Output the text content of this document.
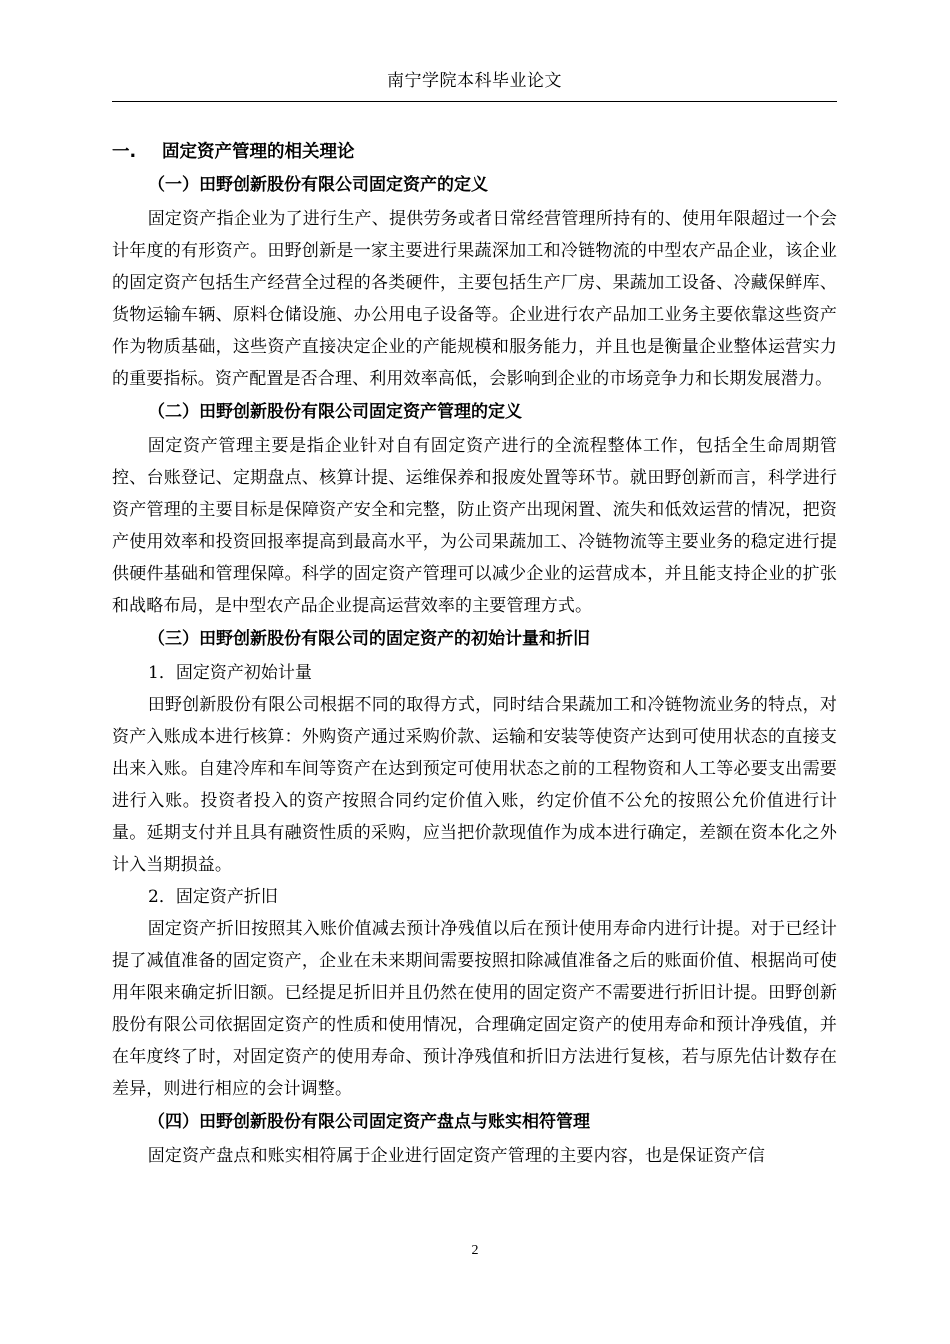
南宁学院本科毕业论文
一. 固定资产管理的相关理论
（一）田野创新股份有限公司固定资产的定义

固定资产指企业为了进行生产、提供劳务或者日常经营管理所持有的、使用年限超过一个会计年度的有形资产。田野创新是一家主要进行果蔬深加工和冷链物流的中型农产品企业，该企业的固定资产包括生产经营全过程的各类硬件，主要包括生产厂房、果蔬加工设备、冷藏保鲜库、货物运输车辆、原料仓储设施、办公用电子设备等。企业进行农产品加工业务主要依靠这些资产作为物质基础，这些资产直接决定企业的产能规模和服务能力，并且也是衡量企业整体运营实力的重要指标。资产配置是否合理、利用效率高低，会影响到企业的市场竞争力和长期发展潜力。

（二）田野创新股份有限公司固定资产管理的定义

固定资产管理主要是指企业针对自有固定资产进行的全流程整体工作，包括全生命周期管控、台账登记、定期盘点、核算计提、运维保养和报废处置等环节。就田野创新而言，科学进行资产管理的主要目标是保障资产安全和完整，防止资产出现闲置、流失和低效运营的情况，把资产使用效率和投资回报率提高到最高水平，为公司果蔬加工、冷链物流等主要业务的稳定进行提供硬件基础和管理保障。科学的固定资产管理可以减少企业的运营成本，并且能支持企业的扩张和战略布局，是中型农产品企业提高运营效率的主要管理方式。

（三）田野创新股份有限公司的固定资产的初始计量和折旧
1．固定资产初始计量

田野创新股份有限公司根据不同的取得方式，同时结合果蔬加工和冷链物流业务的特点，对资产入账成本进行核算：外购资产通过采购价款、运输和安装等使资产达到可使用状态的直接支出来入账。自建冷库和车间等资产在达到预定可使用状态之前的工程物资和人工等必要支出需要进行入账。投资者投入的资产按照合同约定价值入账，约定价值不公允的按照公允价值进行计量。延期支付并且具有融资性质的采购，应当把价款现值作为成本进行确定，差额在资本化之外计入当期损益。

2．固定资产折旧

固定资产折旧按照其入账价值减去预计净残值以后在预计使用寿命内进行计提。对于已经计提了减值准备的固定资产，企业在未来期间需要按照扣除减值准备之后的账面价值、根据尚可使用年限来确定折旧额。已经提足折旧并且仍然在使用的固定资产不需要进行折旧计提。田野创新股份有限公司依据固定资产的性质和使用情况，合理确定固定资产的使用寿命和预计净残值，并在年度终了时，对固定资产的使用寿命、预计净残值和折旧方法进行复核，若与原先估计数存在差异，则进行相应的会计调整。

（四）田野创新股份有限公司固定资产盘点与账实相符管理

固定资产盘点和账实相符属于企业进行固定资产管理的主要内容，也是保证资产信

2
